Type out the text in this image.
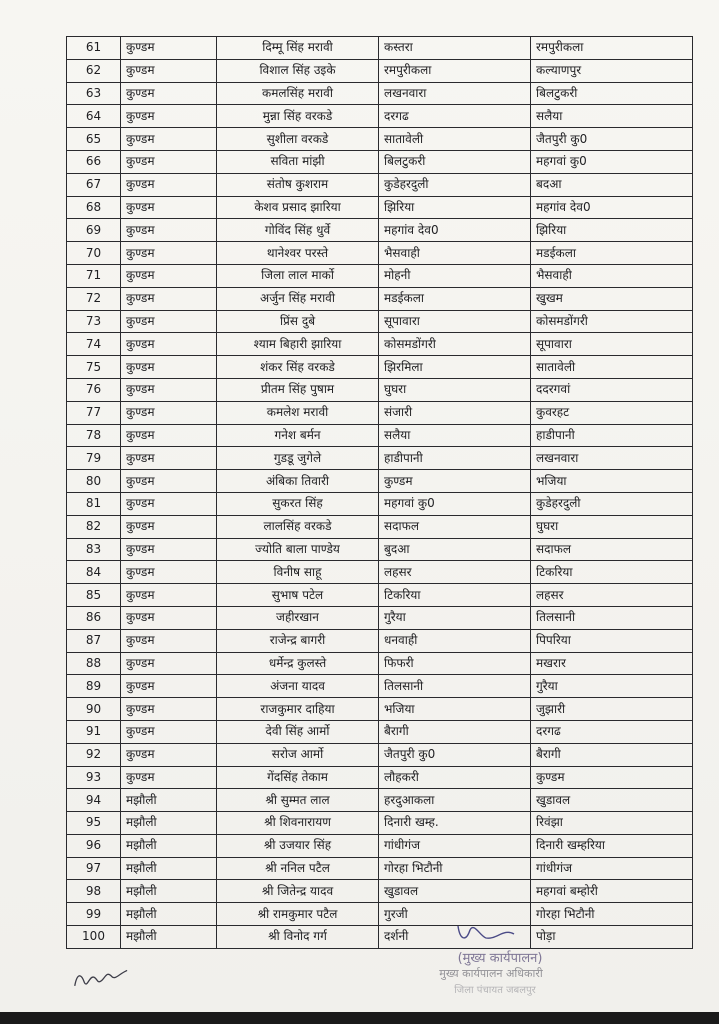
61	कुण्डम	दिम्मू सिंह मरावी	कस्तरा	रमपुरीकला
62	कुण्डम	विशाल सिंह उइके	रमपुरीकला	कल्याणपुर
63	कुण्डम	कमलसिंह मरावी	लखनवारा	बिलटुकरी
64	कुण्डम	मुन्ना सिंह वरकडे	दरगढ	सलैया
65	कुण्डम	सुशीला वरकडे	सातावेली	जैतपुरी कु0
66	कुण्डम	सविता मांझी	बिलटुकरी	महगवां कु0
67	कुण्डम	संतोष कुशराम	कुडेहरदुली	बदआ
68	कुण्डम	केशव प्रसाद झारिया	झिरिया	महगांव देव0
69	कुण्डम	गोविंद सिंह धुर्वे	महगांव देव0	झिरिया
70	कुण्डम	थानेश्वर परस्ते	भैसवाही	मडईकला
71	कुण्डम	जिला लाल मार्को	मोहनी	भैसवाही
72	कुण्डम	अर्जुन सिंह मरावी	मडईकला	खुखम
73	कुण्डम	प्रिंस दुबे	सूपावारा	कोसमडोंगरी
74	कुण्डम	श्याम बिहारी झारिया	कोसमडोंगरी	सूपावारा
75	कुण्डम	शंकर सिंह वरकडे	झिरमिला	सातावेली
76	कुण्डम	प्रीतम सिंह पुषाम	घुघरा	ददरगवां
77	कुण्डम	कमलेश मरावी	संजारी	कुवरहट
78	कुण्डम	गनेश बर्मन	सलैया	हाडीपानी
79	कुण्डम	गुडडू जुगेले	हाडीपानी	लखनवारा
80	कुण्डम	अंबिका तिवारी	कुण्डम	भजिया
81	कुण्डम	सुकरत सिंह	महगवां कु0	कुडेहरदुली
82	कुण्डम	लालसिंह वरकडे	सदाफल	घुघरा
83	कुण्डम	ज्योति बाला पाण्डेय	बुदआ	सदाफल
84	कुण्डम	विनीष साहू	लहसर	टिकरिया
85	कुण्डम	सुभाष पटेल	टिकरिया	लहसर
86	कुण्डम	जहीरखान	गुरैया	तिलसानी
87	कुण्डम	राजेन्द्र बागरी	धनवाही	पिपरिया
88	कुण्डम	धर्मेन्द्र कुलस्ते	फिफरी	मखरार
89	कुण्डम	अंजना यादव	तिलसानी	गुरैया
90	कुण्डम	राजकुमार दाहिया	भजिया	जुझारी
91	कुण्डम	देवी सिंह आर्मो	बैरागी	दरगढ
92	कुण्डम	सरोज आर्मो	जैतपुरी कु0	बैरागी
93	कुण्डम	गेंदसिंह तेकाम	लौहकरी	कुण्डम
94	मझौली	श्री सुम्मत लाल	हरदुआकला	खुडावल
95	मझौली	श्री शिवनारायण	दिनारी खम्ह.	रिवंझा
96	मझौली	श्री उजयार सिंह	गांधीगंज	दिनारी खम्हरिया
97	मझौली	श्री ननिल पटैल	गोरहा भिटौनी	गांधीगंज
98	मझौली	श्री जितेन्द्र यादव	खुडावल	महगवां बम्होरी
99	मझौली	श्री रामकुमार पटैल	गुरजी	गोरहा भिटौनी
100	मझौली	श्री विनोद गर्ग	दर्शनी	पोड़ा
(मुख्य कार्यपालन)
मुख्य कार्यपालन अधिकारी
जिला पंचायत जबलपुर
